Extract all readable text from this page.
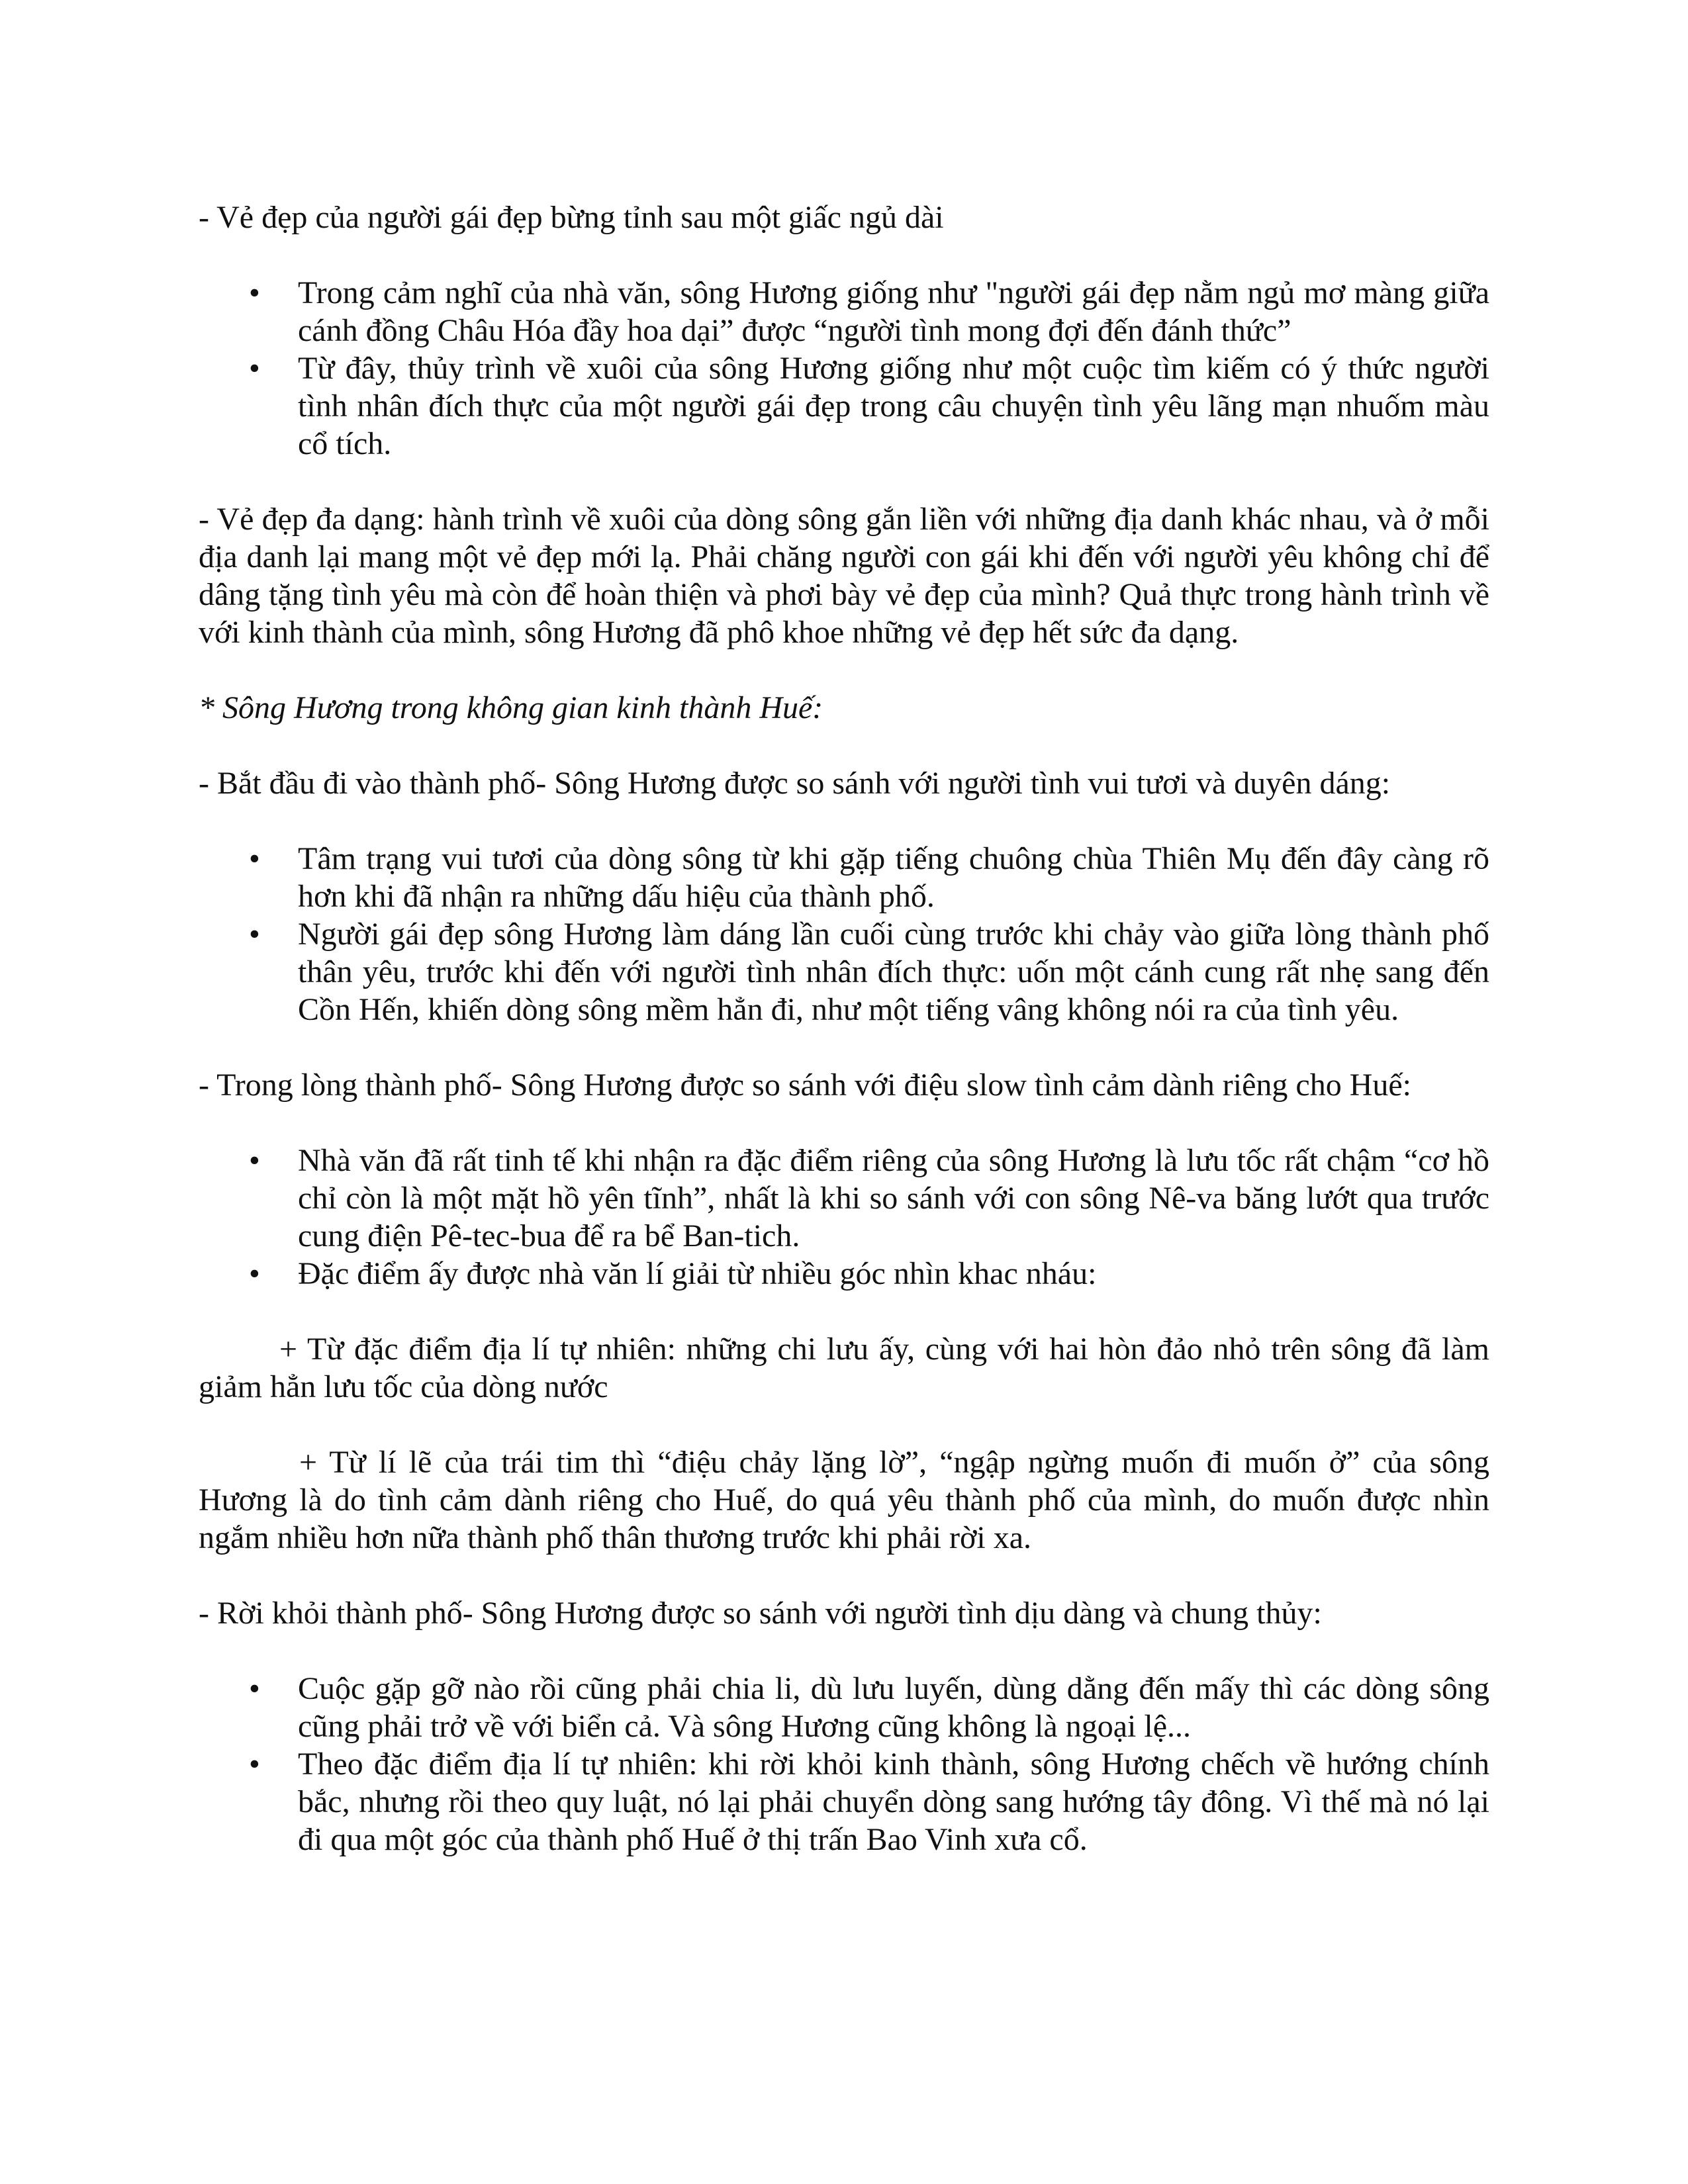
- Vẻ đẹp của người gái đẹp bừng tỉnh sau một giấc ngủ dài

• Trong cảm nghĩ của nhà văn, sông Hương giống như "người gái đẹp nằm ngủ mơ màng giữa cánh đồng Châu Hóa đầy hoa dại” được “người tình mong đợi đến đánh thức”
• Từ đây, thủy trình về xuôi của sông Hương giống như một cuộc tìm kiếm có ý thức người tình nhân đích thực của một người gái đẹp trong câu chuyện tình yêu lãng mạn nhuốm màu cổ tích.

- Vẻ đẹp đa dạng: hành trình về xuôi của dòng sông gắn liền với những địa danh khác nhau, và ở mỗi địa danh lại mang một vẻ đẹp mới lạ. Phải chăng người con gái khi đến với người yêu không chỉ để dâng tặng tình yêu mà còn để hoàn thiện và phơi bày vẻ đẹp của mình? Quả thực trong hành trình về với kinh thành của mình, sông Hương đã phô khoe những vẻ đẹp hết sức đa dạng.

* Sông Hương trong không gian kinh thành Huế:

- Bắt đầu đi vào thành phố- Sông Hương được so sánh với người tình vui tươi và duyên dáng:

• Tâm trạng vui tươi của dòng sông từ khi gặp tiếng chuông chùa Thiên Mụ đến đây càng rõ hơn khi đã nhận ra những dấu hiệu của thành phố.
• Người gái đẹp sông Hương làm dáng lần cuối cùng trước khi chảy vào giữa lòng thành phố thân yêu, trước khi đến với người tình nhân đích thực: uốn một cánh cung rất nhẹ sang đến Cồn Hến, khiến dòng sông mềm hẳn đi, như một tiếng vâng không nói ra của tình yêu.

- Trong lòng thành phố- Sông Hương được so sánh với điệu slow tình cảm dành riêng cho Huế:

• Nhà văn đã rất tinh tế khi nhận ra đặc điểm riêng của sông Hương là lưu tốc rất chậm “cơ hồ chỉ còn là một mặt hồ yên tĩnh”, nhất là khi so sánh với con sông Nê-va băng lướt qua trước cung điện Pê-tec-bua để ra bể Ban-tich.
• Đặc điểm ấy được nhà văn lí giải từ nhiều góc nhìn khac nháu:

+ Từ đặc điểm địa lí tự nhiên: những chi lưu ấy, cùng với hai hòn đảo nhỏ trên sông đã làm giảm hẳn lưu tốc của dòng nước

+ Từ lí lẽ của trái tim thì “điệu chảy lặng lờ”, “ngập ngừng muốn đi muốn ở” của sông Hương là do tình cảm dành riêng cho Huế, do quá yêu thành phố của mình, do muốn được nhìn ngắm nhiều hơn nữa thành phố thân thương trước khi phải rời xa.

- Rời khỏi thành phố- Sông Hương được so sánh với người tình dịu dàng và chung thủy:

• Cuộc gặp gỡ nào rồi cũng phải chia li, dù lưu luyến, dùng dằng đến mấy thì các dòng sông cũng phải trở về với biển cả. Và sông Hương cũng không là ngoại lệ...
• Theo đặc điểm địa lí tự nhiên: khi rời khỏi kinh thành, sông Hương chếch về hướng chính bắc, nhưng rồi theo quy luật, nó lại phải chuyển dòng sang hướng tây đông. Vì thế mà nó lại đi qua một góc của thành phố Huế ở thị trấn Bao Vinh xưa cổ.
